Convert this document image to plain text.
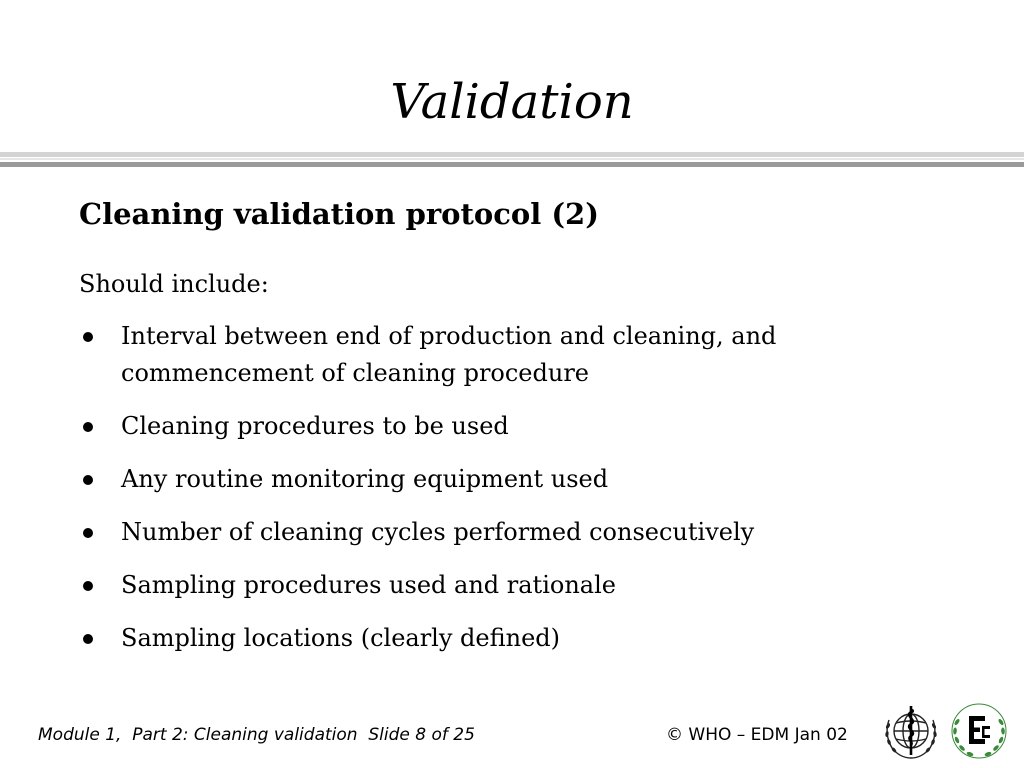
Validation
Cleaning validation protocol (2)
Should include:
Interval between end of production and cleaning, and commencement of cleaning procedure
Cleaning procedures to be used
Any routine monitoring equipment used
Number of cleaning cycles performed consecutively
Sampling procedures used and rationale
Sampling locations (clearly defined)
Module 1,  Part 2: Cleaning validation  Slide 8 of 25	© WHO – EDM Jan 02
